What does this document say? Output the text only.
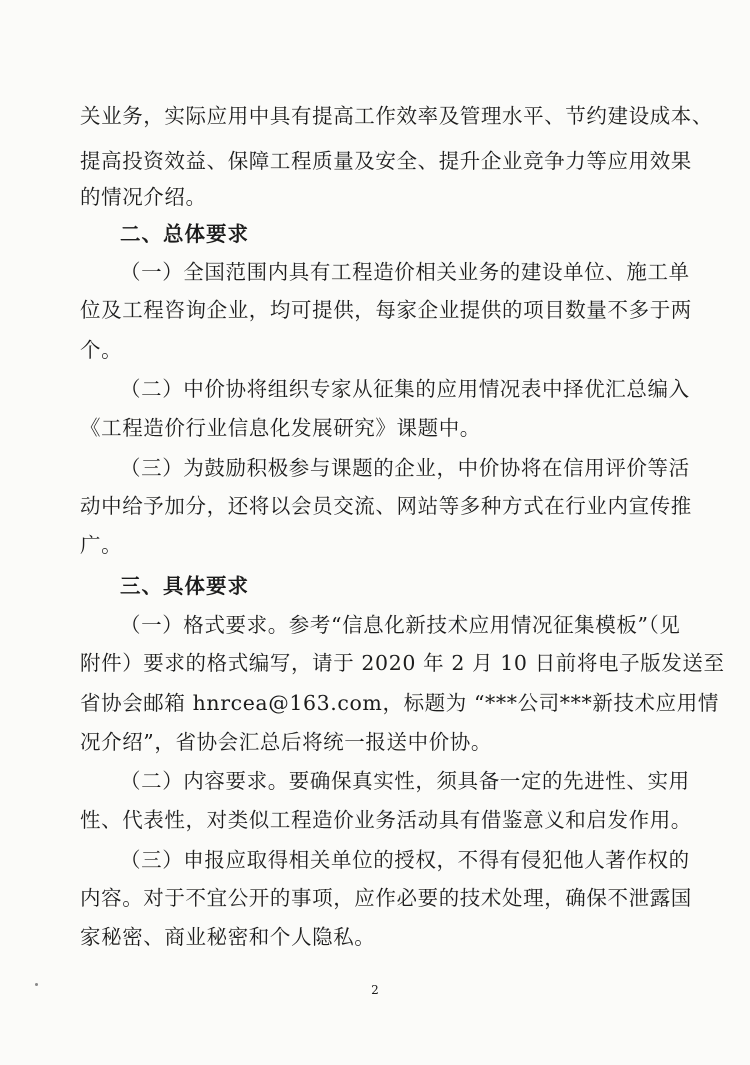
关业务，实际应用中具有提高工作效率及管理水平、节约建设成本、
提高投资效益、保障工程质量及安全、提升企业竞争力等应用效果
的情况介绍。
二、总体要求
（一）全国范围内具有工程造价相关业务的建设单位、施工单
位及工程咨询企业，均可提供，每家企业提供的项目数量不多于两
个。
（二）中价协将组织专家从征集的应用情况表中择优汇总编入
《工程造价行业信息化发展研究》课题中。
（三）为鼓励积极参与课题的企业，中价协将在信用评价等活
动中给予加分，还将以会员交流、网站等多种方式在行业内宣传推
广。
三、具体要求
（一）格式要求。参考“信息化新技术应用情况征集模板”（见
附件）要求的格式编写，请于 2020 年 2 月 10 日前将电子版发送至
省协会邮箱 hnrcea@163.com，标题为 “***公司***新技术应用情
况介绍”，省协会汇总后将统一报送中价协。
（二）内容要求。要确保真实性，须具备一定的先进性、实用
性、代表性，对类似工程造价业务活动具有借鉴意义和启发作用。
（三）申报应取得相关单位的授权，不得有侵犯他人著作权的
内容。对于不宜公开的事项，应作必要的技术处理，确保不泄露国
家秘密、商业秘密和个人隐私。
2
